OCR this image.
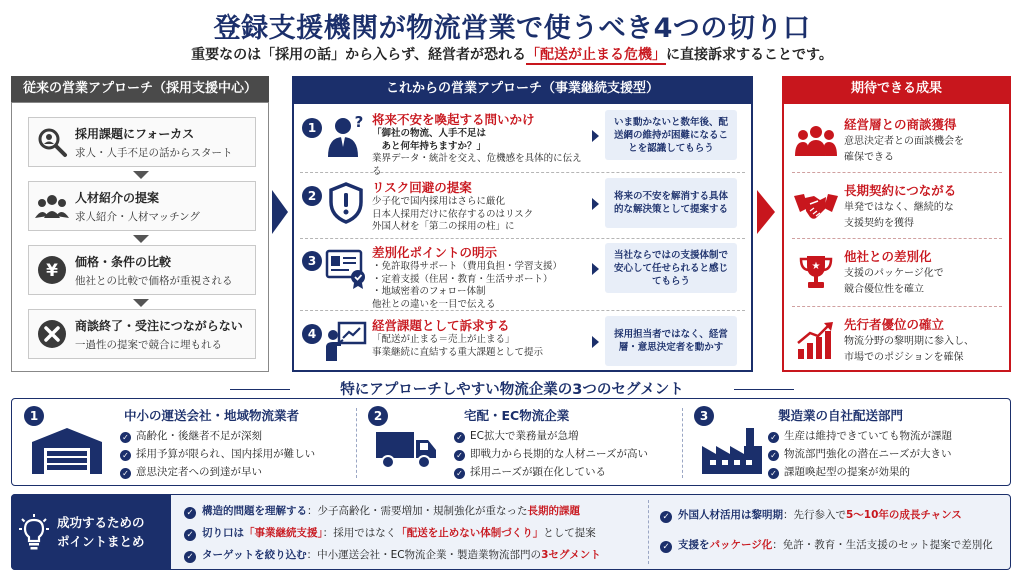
登録支援機関が物流営業で使うべき4つの切り口
重要なのは「採用の話」から入らず、経営者が恐れる「配送が止まる危機」に直接訴求することです。
従来の営業アプローチ（採用支援中心）
採用課題にフォーカス
求人・人手不足の話からスタート
人材紹介の提案
求人紹介・人材マッチング
¥ 価格・条件の比較
他社との比較で価格が重視される
商談終了・受注につながらない
一過性の提案で競合に埋もれる
これからの営業アプローチ（事業継続支援型）
1	? 将来不安を喚起する問いかけ
「御社の物流、人手不足は
　あと何年持ちますか？」
業界データ・統計を交え、危機感を具体的に伝える
いま動かないと数年後、配送網の維持が困難になることを認識してもらう
2
リスク回避の提案
少子化で国内採用はさらに厳化
日本人採用だけに依存するのはリスク
外国人材を「第二の採用の柱」に
将来の不安を解消する具体的な解決策として提案する
3
差別化ポイントの明示
・免許取得サポート（費用負担・学習支援）
・定着支援（住居・教育・生活サポート）
・地域密着のフォロー体制
他社との違いを一目で伝える
当社ならではの支援体制で安心して任せられると感じてもらう
4
経営課題として訴求する
「配送が止まる＝売上が止まる」
事業継続に直結する重大課題として提示
採用担当者ではなく、経営層・意思決定者を動かす
期待できる成果
経営層との商談獲得
意思決定者との面談機会を
確保できる
長期契約につながる
単発ではなく、継続的な
支援契約を獲得
★
他社との差別化
支援のパッケージ化で
競合優位性を確立
先行者優位の確立
物流分野の黎明期に参入し、
市場でのポジションを確保
特にアプローチしやすい物流企業の3つのセグメント
1	中小の運送会社・地域物流業者
✓ 高齢化・後継者不足が深刻
✓ 採用予算が限られ、国内採用が難しい
✓ 意思決定者への到達が早い
2	宅配・EC物流企業
✓ EC拡大で業務量が急増
✓ 即戦力から長期的な人材ニーズが高い
✓ 採用ニーズが顕在化している
3	製造業の自社配送部門
✓ 生産は維持できていても物流が課題
✓ 物流部門強化の潜在ニーズが大きい
✓ 課題喚起型の提案が効果的
成功するための
ポイントまとめ
✓ 構造的問題を理解する：少子高齢化・需要増加・規制強化が重なった長期的課題
✓ 切り口は「事業継続支援」：採用ではなく「配送を止めない体制づくり」として提案
✓ ターゲットを絞り込む：中小運送会社・EC物流企業・製造業物流部門の3セグメント
✓ 外国人材活用は黎明期：先行参入で5〜10年の成長チャンス
✓ 支援をパッケージ化：免許・教育・生活支援のセット提案で差別化
